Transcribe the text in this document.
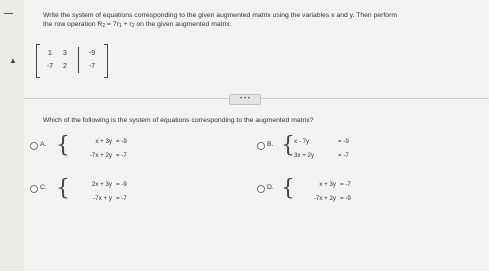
▲
Write the system of equations corresponding to the given augmented matrix using the variables x and y. Then perform
the row operation $R_2 = 7r_1 + r_2$ on the given augmented matrix.
1	3	-9
-7	2	-7
• • •
Which of the following is the system of equations corresponding to the augmented matrix?
A. {	x + 3y = -9
-7x + 2y = -7
B. { x - 7y	= -9
3x + 2y	= -7
C. {	2x + 3y = -9
-7x + y = -7
D. {	x + 3y = -7
-7x + 2y = -9
